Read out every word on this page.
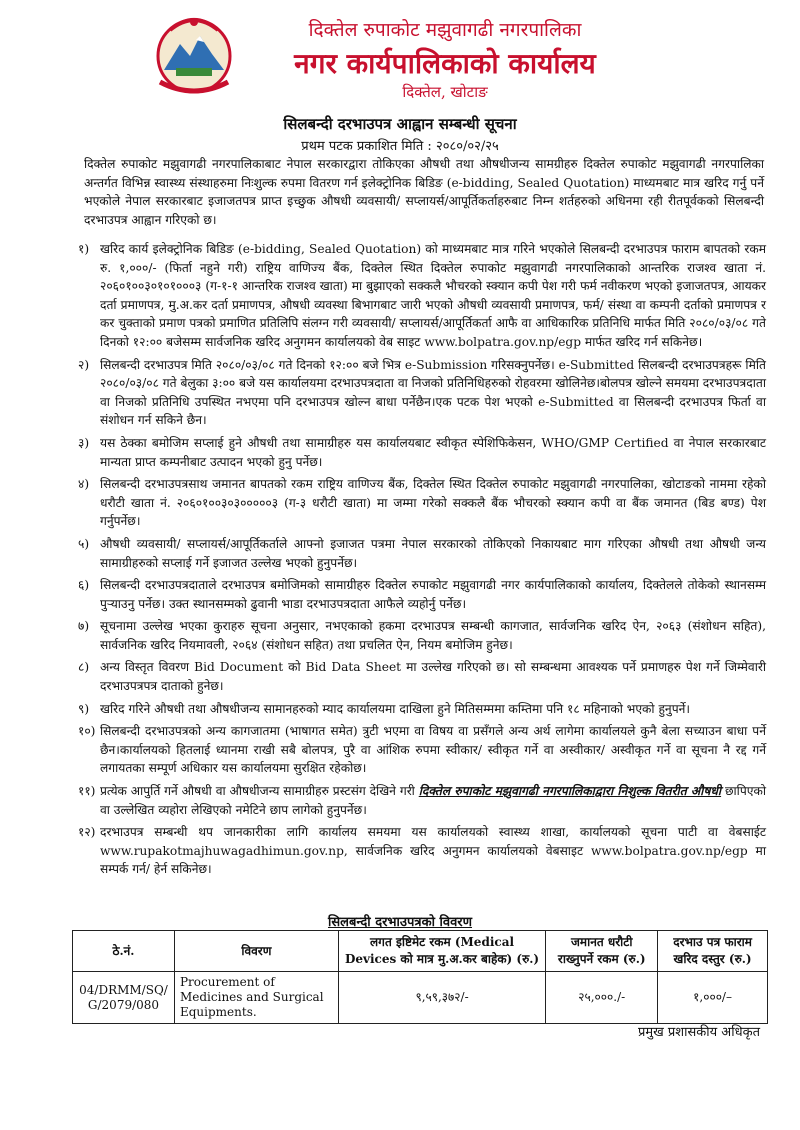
दिक्तेल रुपाकोट मझुवागढी नगरपालिका
नगर कार्यपालिकाको कार्यालय
दिक्तेल, खोटाङ
सिलबन्दी दरभाउपत्र आह्वान सम्बन्धी सूचना
प्रथम पटक प्रकाशित मिति : २०८०/०२/२५
दिक्तेल रुपाकोट मझुवागढी नगरपालिकाबाट नेपाल सरकारद्वारा तोकिएका औषधी तथा औषधीजन्य सामग्रीहरु दिक्तेल रुपाकोट मझुवागढी नगरपालिका अन्तर्गत विभिन्न स्वास्थ्य संस्थाहरुमा निःशुल्क रुपमा वितरण गर्न इलेक्ट्रोनिक बिडिङ (e-bidding, Sealed Quotation) माध्यमबाट मात्र खरिद गर्नु पर्ने भएकोले नेपाल सरकारबाट इजाजतपत्र प्राप्त इच्छुक औषधी व्यवसायी/ सप्लायर्स/आपूर्तिकर्ताहरुबाट निम्न शर्तहरुको अधिनमा रही रीतपूर्वकको सिलबन्दी दरभाउपत्र आह्वान गरिएको छ।
१) खरिद कार्य इलेक्ट्रोनिक बिडिङ (e-bidding, Sealed Quotation) को माध्यमबाट मात्र गरिने भएकोले सिलबन्दी दरभाउपत्र फाराम बापतको रकम रु. १,०००/- (फिर्ता नहुने गरी) राष्ट्रिय वाणिज्य बैंक, दिक्तेल स्थित दिक्तेल रुपाकोट मझुवागढी नगरपालिकाको आन्तरिक राजश्व खाता नं. २०६०१००३०१०१०००३ (ग-१-१ आन्तरिक राजश्व खाता) मा बुझाएको सक्कलै भौचरको स्क्यान कपी पेश गरी फर्म नवीकरण भएको इजाजतपत्र, आयकर दर्ता प्रमाणपत्र, मु.अ.कर दर्ता प्रमाणपत्र, औषधी व्यवस्था बिभागबाट जारी भएको औषधी व्यवसायी प्रमाणपत्र, फर्म/ संस्था वा कम्पनी दर्ताको प्रमाणपत्र र कर चुक्ताको प्रमाण पत्रको प्रमाणित प्रतिलिपि संलग्न गरी व्यवसायी/ सप्लायर्स/आपूर्तिकर्ता आफै वा आधिकारिक प्रतिनिधि मार्फत मिति २०८०/०३/०८ गते दिनको १२:०० बजेसम्म सार्वजनिक खरिद अनुगमन कार्यालयको वेब साइट www.bolpatra.gov.np/egp मार्फत खरिद गर्न सकिनेछ।
२) सिलबन्दी दरभाउपत्र मिति २०८०/०३/०८ गते दिनको १२:०० बजे भित्र e-Submission गरिसक्नुपर्नेछ। e-Submitted सिलबन्दी दरभाउपत्रहरू मिति २०८०/०३/०८ गते बेलुका ३:०० बजे यस कार्यालयमा दरभाउपत्रदाता वा निजको प्रतिनिधिहरुको रोहवरमा खोलिनेछ।बोलपत्र खोल्ने समयमा दरभाउपत्रदाता वा निजको प्रतिनिधि उपस्थित नभएमा पनि दरभाउपत्र खोल्न बाधा पर्नेछैन।एक पटक पेश भएको e-Submitted वा सिलबन्दी दरभाउपत्र फिर्ता वा संशोधन गर्न सकिने छैन।
३) यस ठेक्का बमोजिम सप्लाई हुने औषधी तथा सामाग्रीहरु यस कार्यालयबाट स्वीकृत स्पेशिफिकेसन, WHO/GMP Certified वा नेपाल सरकारबाट मान्यता प्राप्त कम्पनीबाट उत्पादन भएको हुनु पर्नेछ।
४) सिलबन्दी दरभाउपत्रसाथ जमानत बापतको रकम राष्ट्रिय वाणिज्य बैंक, दिक्तेल स्थित दिक्तेल रुपाकोट मझुवागढी नगरपालिका, खोटाङको नाममा रहेको धरौटी खाता नं. २०६०१००३०३०००००३ (ग-३ धरौटी खाता) मा जम्मा गरेको सक्कलै बैंक भौचरको स्क्यान कपी वा बैंक जमानत (बिड बण्ड) पेश गर्नुपर्नेछ।
५) औषधी व्यवसायी/ सप्लायर्स/आपूर्तिकर्ताले आफ्नो इजाजत पत्रमा नेपाल सरकारको तोकिएको निकायबाट माग गरिएका औषधी तथा औषधी जन्य सामाग्रीहरुको सप्लाई गर्ने इजाजत उल्लेख भएको हुनुपर्नेछ।
६) सिलबन्दी दरभाउपत्रदाताले दरभाउपत्र बमोजिमको सामाग्रीहरु दिक्तेल रुपाकोट मझुवागढी नगर कार्यपालिकाको कार्यालय, दिक्तेलले तोकेको स्थानसम्म पुऱ्याउनु पर्नेछ। उक्त स्थानसम्मको ढुवानी भाडा दरभाउपत्रदाता आफैले व्यहोर्नु पर्नेछ।
७) सूचनामा उल्लेख भएका कुराहरु सूचना अनुसार, नभएकाको हकमा दरभाउपत्र सम्बन्धी कागजात, सार्वजनिक खरिद ऐन, २०६३ (संशोधन सहित), सार्वजनिक खरिद नियमावली, २०६४ (संशोधन सहित) तथा प्रचलित ऐन, नियम बमोजिम हुनेछ।
८) अन्य विस्तृत विवरण Bid Document को Bid Data Sheet मा उल्लेख गरिएको छ। सो सम्बन्धमा आवश्यक पर्ने प्रमाणहरु पेश गर्ने जिम्मेवारी दरभाउपत्रपत्र दाताको हुनेछ।
९) खरिद गरिने औषधी तथा औषधीजन्य सामानहरुको म्याद कार्यालयमा दाखिला हुने मितिसम्ममा कम्तिमा पनि १८ महिनाको भएको हुनुपर्ने।
१०) सिलबन्दी दरभाउपत्रको अन्य कागजातमा (भाषागत समेत) त्रुटी भएमा वा विषय वा प्रसँगले अन्य अर्थ लागेमा कार्यालयले कुनै बेला सच्याउन बाधा पर्ने छैन।कार्यालयको हितलाई ध्यानमा राखी सबै बोलपत्र, पुरै वा आंशिक रुपमा स्वीकार/ स्वीकृत गर्ने वा अस्वीकार/ अस्वीकृत गर्ने वा सूचना नै रद्द गर्ने लगायतका सम्पूर्ण अधिकार यस कार्यालयमा सुरक्षित रहेकोछ।
११) प्रत्येक आपुर्ति गर्ने औषधी वा औषधीजन्य सामाग्रीहरु प्रस्टसंग देखिने गरी दिक्तेल रुपाकोट मझुवागढी नगरपालिकाद्वारा निशुल्क वितरीत औषधी छापिएको वा उल्लेखित व्यहोरा लेखिएको नमेटिने छाप लागेको हुनुपर्नेछ।
१२) दरभाउपत्र सम्बन्धी थप जानकारीका लागि कार्यालय समयमा यस कार्यालयको स्वास्थ्य शाखा, कार्यालयको सूचना पाटी वा वेबसाईट www.rupakotmajhuwagadhimun.gov.np, सार्वजनिक खरिद अनुगमन कार्यालयको वेबसाइट www.bolpatra.gov.np/egp मा सम्पर्क गर्न/ हेर्न सकिनेछ।
सिलबन्दी दरभाउपत्रको विवरण
ठे.नं.	विवरण	लगत इष्टिमेट रकम (Medical Devices को मात्र मु.अ.कर बाहेक) (रु.)	जमानत धरौटी राख्नुपर्ने रकम (रु.)	दरभाउ पत्र फाराम खरिद दस्तुर (रु.)
04/DRMM/SQ/ G/2079/080	Procurement of Medicines and Surgical Equipments.	९,५९,३७२/-	२५,०००./-	१,०००/–
प्रमुख प्रशासकीय अधिकृत
